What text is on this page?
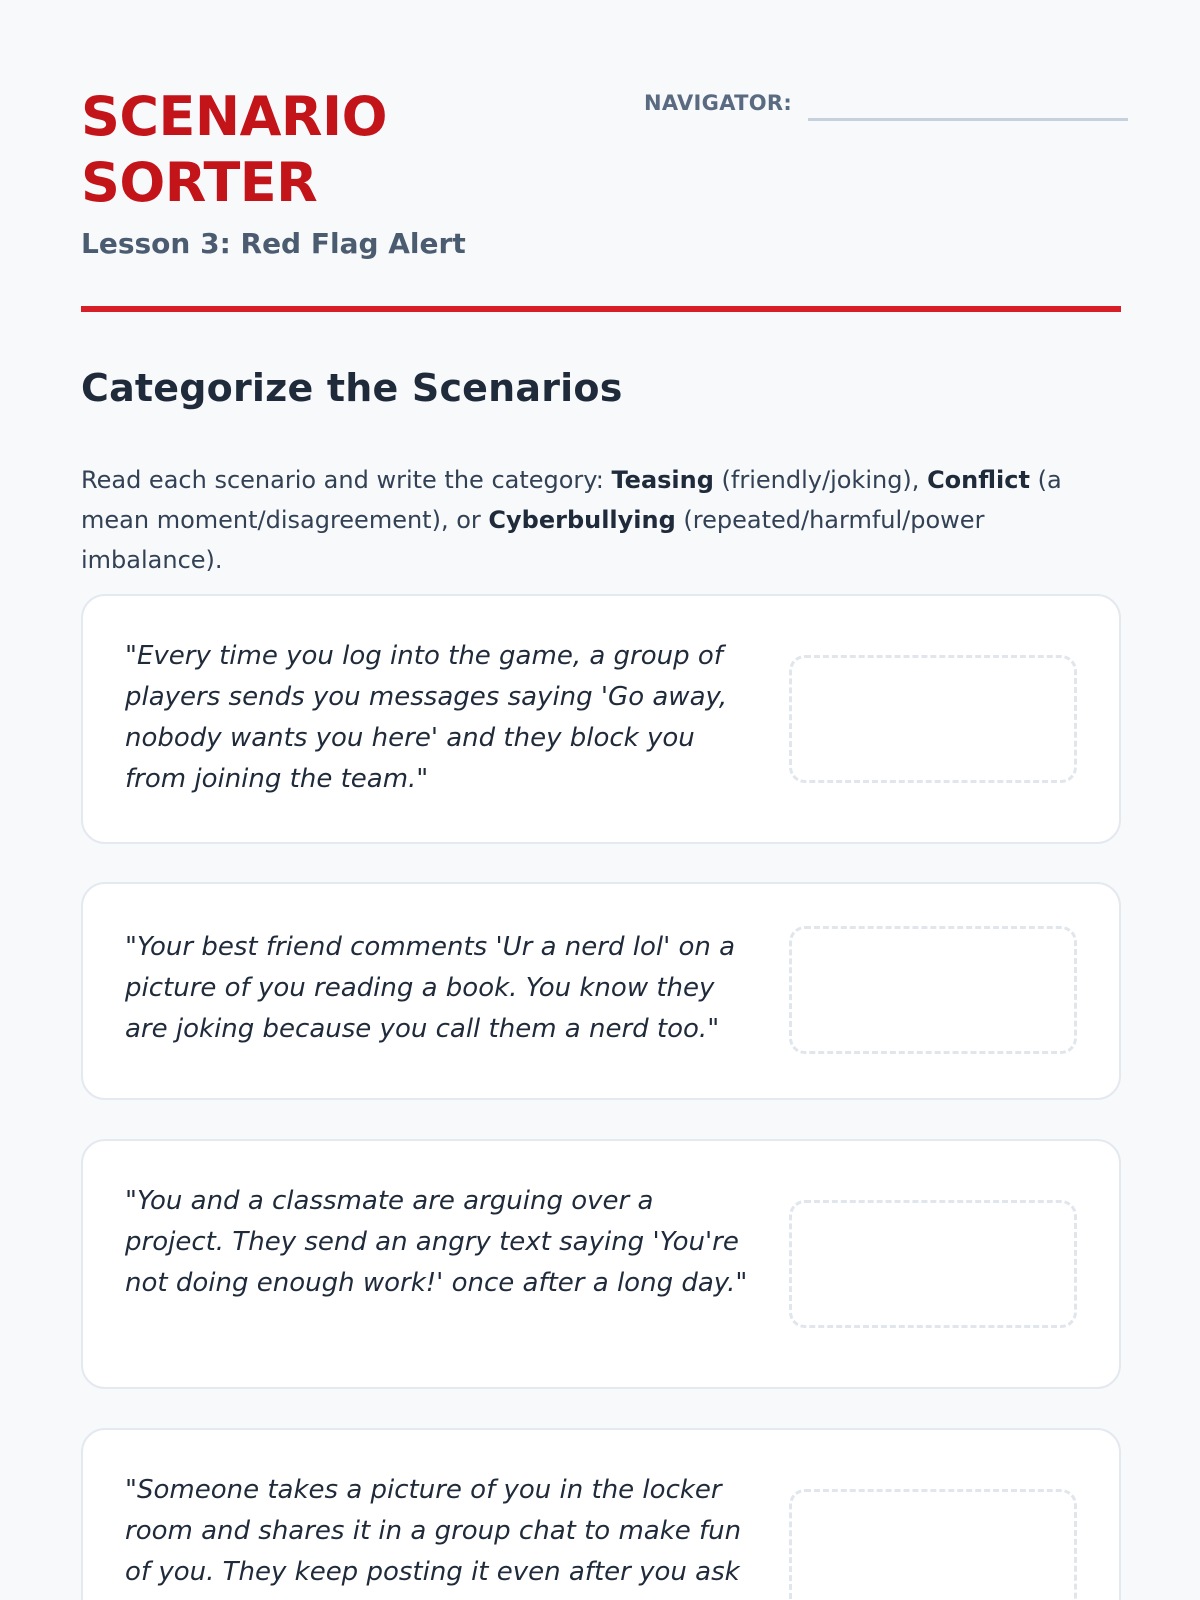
SCENARIO
SORTER
Lesson 3: Red Flag Alert
NAVIGATOR:
Categorize the Scenarios

Read each scenario and write the category: Teasing (friendly/joking), Conflict (a mean moment/disagreement), or Cyberbullying (repeated/harmful/power imbalance).

"Every time you log into the game, a group of players sends you messages saying 'Go away, nobody wants you here' and they block you from joining the team."

"Your best friend comments 'Ur a nerd lol' on a picture of you reading a book. You know they are joking because you call them a nerd too."

"You and a classmate are arguing over a project. They send an angry text saying 'You're not doing enough work!' once after a long day."

"Someone takes a picture of you in the locker room and shares it in a group chat to make fun of you. They keep posting it even after you ask
